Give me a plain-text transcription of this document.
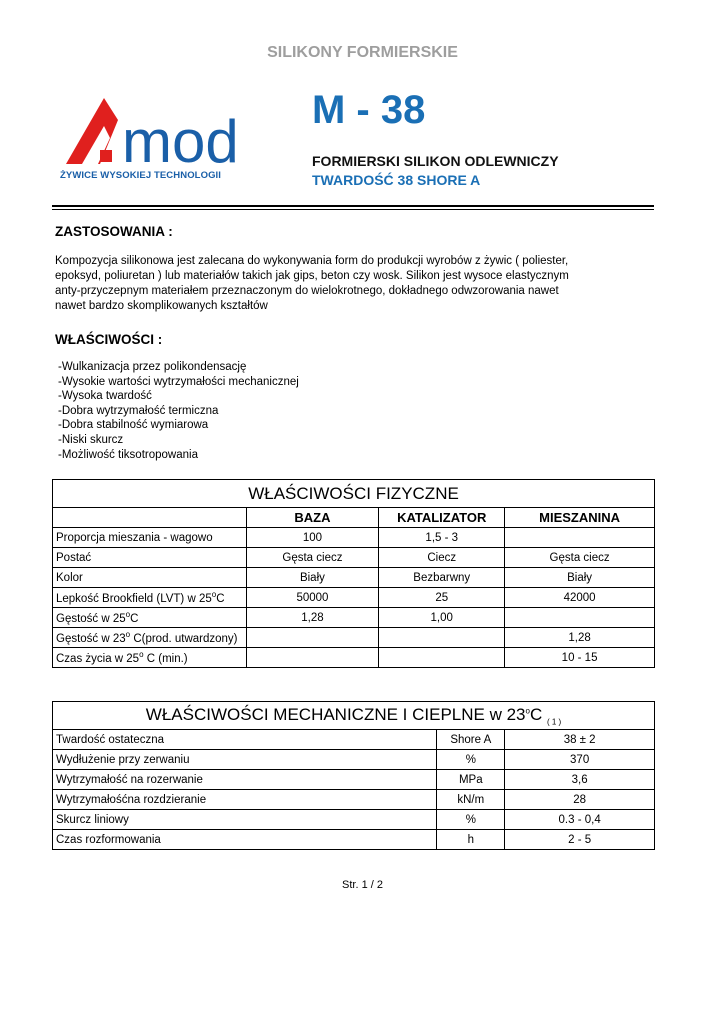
SILIKONY FORMIERSKIE
mod
ŻYWICE WYSOKIEJ TECHNOLOGII
M - 38
FORMIERSKI SILIKON ODLEWNICZY
TWARDOŚĆ 38 SHORE A
ZASTOSOWANIA :
Kompozycja silikonowa jest zalecana do wykonywania form do produkcji wyrobów z żywic ( poliester,
epoksyd, poliuretan ) lub materiałów takich jak gips, beton czy wosk. Silikon jest wysoce elastycznym
anty-przyczepnym materiałem przeznaczonym do wielokrotnego, dokładnego odwzorowania nawet
nawet bardzo skomplikowanych kształtów
WŁAŚCIWOŚCI :
-Wulkanizacja przez polikondensację
-Wysokie wartości wytrzymałości mechanicznej
-Wysoka twardość
-Dobra wytrzymałość termiczna
-Dobra stabilność wymiarowa
-Niski skurcz
-Możliwość tiksotropowania
WŁAŚCIWOŚCI FIZYCZNE			
	BAZA	KATALIZATOR	MIESZANINA
Proporcja mieszania - wagowo	100	1,5 - 3	
Postać	Gęsta ciecz	Ciecz	Gęsta ciecz
Kolor	Biały	Bezbarwny	Biały
Lepkość Brookfield (LVT) w 25$^o$C	50000	25	42000
Gęstość w 25$^o$C	1,28	1,00	
Gęstość w 23$^o$ C(prod. utwardzony)			1,28
Czas życia w 25$^o$ C (min.)			10 - 15
WŁAŚCIWOŚCI MECHANICZNE I CIEPLNE w 23$^o$C $_{( 1 )}$
Twardość ostateczna	Shore A	38 ± 2
Wydłużenie przy zerwaniu	%	370
Wytrzymałość na rozerwanie	MPa	3,6
Wytrzymałośćna rozdzieranie	kN/m	28
Skurcz liniowy	%	0.3 - 0,4
Czas rozformowania	h	2 - 5
Str. 1 / 2
